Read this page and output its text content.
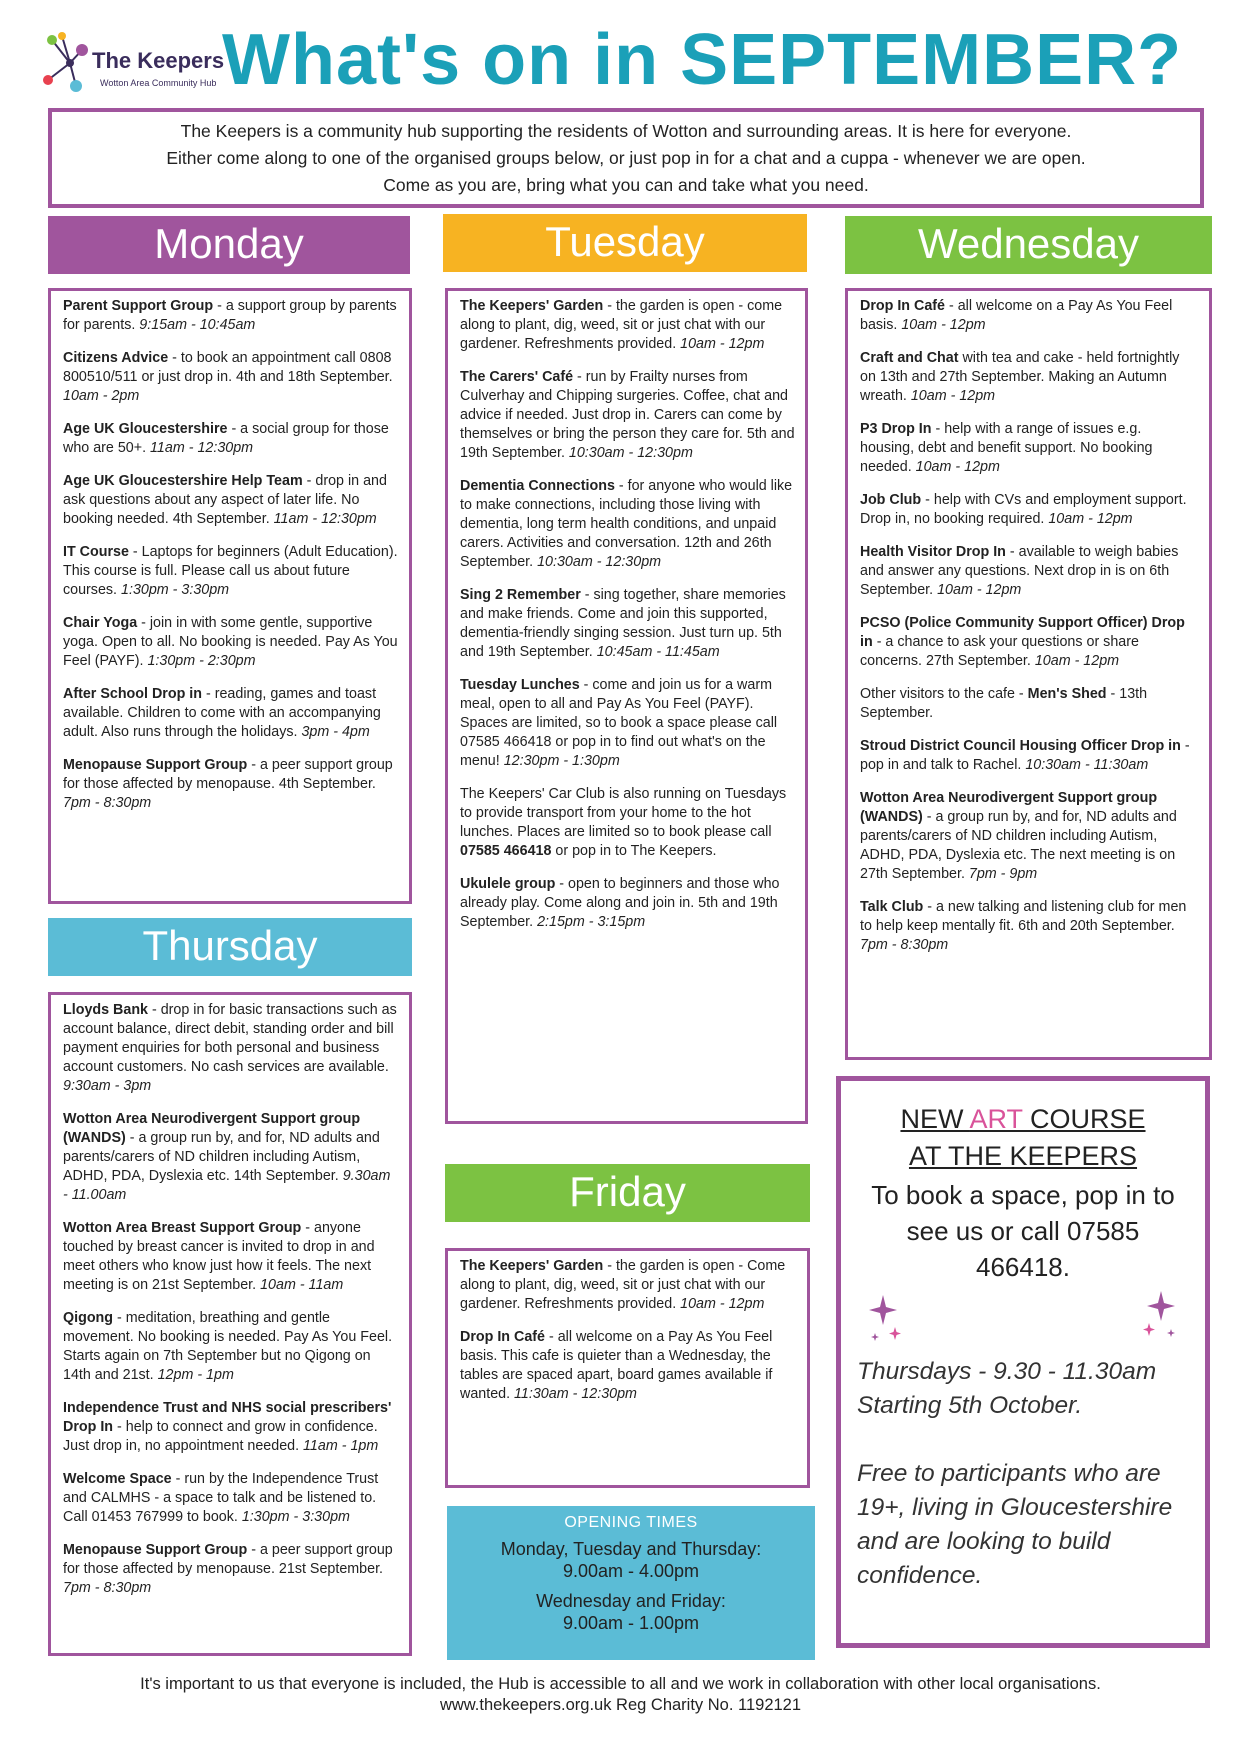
The Keepers
Wotton Area Community Hub What's on in SEPTEMBER?
The Keepers is a community hub supporting the residents of Wotton and surrounding areas. It is here for everyone.
Either come along to one of the organised groups below, or just pop in for a chat and a cuppa - whenever we are open.
Come as you are, bring what you can and take what you need.
Monday	Tuesday	Wednesday
Thursday
Friday
Parent Support Group - a support group by parents for parents. 9:15am - 10:45am
Citizens Advice - to book an appointment call 0808 800510/511 or just drop in. 4th and 18th September. 10am - 2pm
Age UK Gloucestershire - a social group for those who are 50+. 11am - 12:30pm
Age UK Gloucestershire Help Team - drop in and ask questions about any aspect of later life. No booking needed. 4th September. 11am - 12:30pm
IT Course - Laptops for beginners (Adult Education). This course is full. Please call us about future courses. 1:30pm - 3:30pm
Chair Yoga - join in with some gentle, supportive yoga. Open to all. No booking is needed. Pay As You Feel (PAYF). 1:30pm - 2:30pm
After School Drop in - reading, games and toast available. Children to come with an accompanying adult. Also runs through the holidays. 3pm - 4pm
Menopause Support Group - a peer support group for those affected by menopause. 4th September. 7pm - 8:30pm
The Keepers' Garden - the garden is open - come along to plant, dig, weed, sit or just chat with our gardener. Refreshments provided. 10am - 12pm
The Carers' Café - run by Frailty nurses from Culverhay and Chipping surgeries. Coffee, chat and advice if needed. Just drop in. Carers can come by themselves or bring the person they care for. 5th and 19th September. 10:30am - 12:30pm
Dementia Connections - for anyone who would like to make connections, including those living with dementia, long term health conditions, and unpaid carers. Activities and conversation. 12th and 26th September. 10:30am - 12:30pm
Sing 2 Remember - sing together, share memories and make friends. Come and join this supported, dementia-friendly singing session. Just turn up. 5th and 19th September. 10:45am - 11:45am
Tuesday Lunches - come and join us for a warm meal, open to all and Pay As You Feel (PAYF). Spaces are limited, so to book a space please call 07585 466418 or pop in to find out what's on the menu! 12:30pm - 1:30pm
The Keepers' Car Club is also running on Tuesdays to provide transport from your home to the hot lunches. Places are limited so to book please call 07585 466418 or pop in to The Keepers.
Ukulele group - open to beginners and those who already play. Come along and join in. 5th and 19th September. 2:15pm - 3:15pm
Drop In Café - all welcome on a Pay As You Feel basis. 10am - 12pm
Craft and Chat with tea and cake - held fortnightly on 13th and 27th September. Making an Autumn wreath. 10am - 12pm
P3 Drop In - help with a range of issues e.g. housing, debt and benefit support. No booking needed. 10am - 12pm
Job Club - help with CVs and employment support. Drop in, no booking required. 10am - 12pm
Health Visitor Drop In - available to weigh babies and answer any questions. Next drop in is on 6th September. 10am - 12pm
PCSO (Police Community Support Officer) Drop in - a chance to ask your questions or share concerns. 27th September. 10am - 12pm
Other visitors to the cafe - Men's Shed - 13th September.
Stroud District Council Housing Officer Drop in - pop in and talk to Rachel. 10:30am - 11:30am
Wotton Area Neurodivergent Support group (WANDS) - a group run by, and for, ND adults and parents/carers of ND children including Autism, ADHD, PDA, Dyslexia etc. The next meeting is on 27th September. 7pm - 9pm
Talk Club - a new talking and listening club for men to help keep mentally fit. 6th and 20th September. 7pm - 8:30pm
Lloyds Bank - drop in for basic transactions such as account balance, direct debit, standing order and bill payment enquiries for both personal and business account customers. No cash services are available. 9:30am - 3pm
Wotton Area Neurodivergent Support group (WANDS) - a group run by, and for, ND adults and parents/carers of ND children including Autism, ADHD, PDA, Dyslexia etc. 14th September. 9.30am - 11.00am
Wotton Area Breast Support Group - anyone touched by breast cancer is invited to drop in and meet others who know just how it feels. The next meeting is on 21st September. 10am - 11am
Qigong - meditation, breathing and gentle movement. No booking is needed. Pay As You Feel. Starts again on 7th September but no Qigong on 14th and 21st. 12pm - 1pm
Independence Trust and NHS social prescribers' Drop In - help to connect and grow in confidence. Just drop in, no appointment needed. 11am - 1pm
Welcome Space - run by the Independence Trust and CALMHS - a space to talk and be listened to. Call 01453 767999 to book. 1:30pm - 3:30pm
Menopause Support Group - a peer support group for those affected by menopause. 21st September. 7pm - 8:30pm
The Keepers' Garden - the garden is open - Come along to plant, dig, weed, sit or just chat with our gardener. Refreshments provided. 10am - 12pm
Drop In Café - all welcome on a Pay As You Feel basis. This cafe is quieter than a Wednesday, the tables are spaced apart, board games available if wanted. 11:30am - 12:30pm
OPENING TIMES
Monday, Tuesday and Thursday:
9.00am - 4.00pm
Wednesday and Friday:
9.00am - 1.00pm
NEW ART COURSE
AT THE KEEPERS
To book a space, pop in to see us or call 07585 466418.
Thursdays - 9.30 - 11.30am
Starting 5th October.
Free to participants who are 19+, living in Gloucestershire and are looking to build confidence.
It's important to us that everyone is included, the Hub is accessible to all and we work in collaboration with other local organisations.
www.thekeepers.org.uk Reg Charity No. 1192121
